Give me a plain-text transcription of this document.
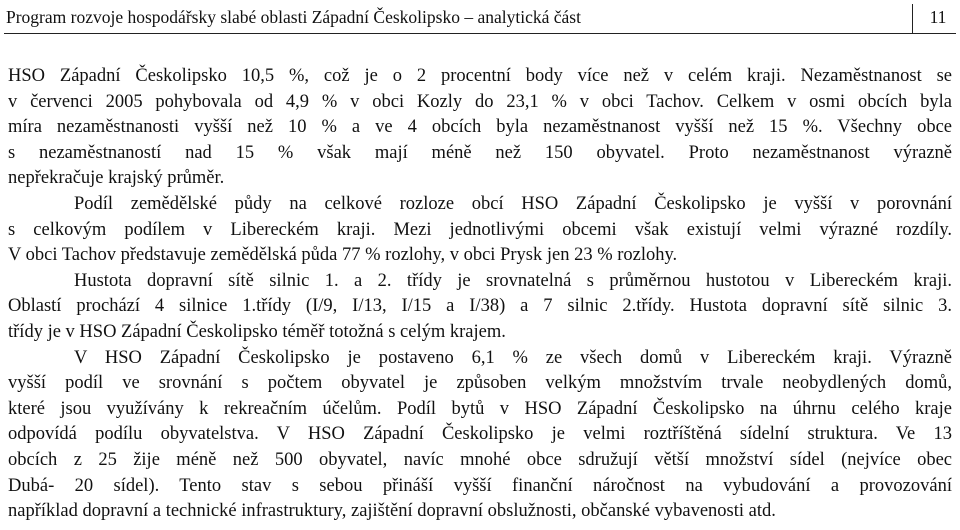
Program rozvoje hospodářsky slabé oblasti Západní Českolipsko – analytická část	11
HSO Západní Českolipsko 10,5 %, což je o 2 procentní body více než v celém kraji. Nezaměstnanost se
v červenci 2005 pohybovala od 4,9 % v obci Kozly do 23,1 % v obci Tachov. Celkem v osmi obcích byla
míra nezaměstnanosti vyšší než 10 % a ve 4 obcích byla nezaměstnanost vyšší než 15 %. Všechny obce
s nezaměstnaností nad 15 % však mají méně než 150 obyvatel. Proto nezaměstnanost výrazně
nepřekračuje krajský průměr.
Podíl zemědělské půdy na celkové rozloze obcí HSO Západní Českolipsko je vyšší v porovnání
s celkovým podílem v Libereckém kraji. Mezi jednotlivými obcemi však existují velmi výrazné rozdíly.
V obci Tachov představuje zemědělská půda 77 % rozlohy, v obci Prysk jen 23 % rozlohy.
Hustota dopravní sítě silnic 1. a 2. třídy je srovnatelná s průměrnou hustotou v Libereckém kraji.
Oblastí prochází 4 silnice 1.třídy (I/9, I/13, I/15 a I/38) a 7 silnic 2.třídy. Hustota dopravní sítě silnic 3.
třídy je v HSO Západní Českolipsko téměř totožná s celým krajem.
V HSO Západní Českolipsko je postaveno 6,1 % ze všech domů v Libereckém kraji. Výrazně
vyšší podíl ve srovnání s počtem obyvatel je způsoben velkým množstvím trvale neobydlených domů,
které jsou využívány k rekreačním účelům. Podíl bytů v HSO Západní Českolipsko na úhrnu celého kraje
odpovídá podílu obyvatelstva. V HSO Západní Českolipsko je velmi roztříštěná sídelní struktura. Ve 13
obcích z 25 žije méně než 500 obyvatel, navíc mnohé obce sdružují větší množství sídel (nejvíce obec
Dubá- 20 sídel). Tento stav s sebou přináší vyšší finanční náročnost na vybudování a provozování
například dopravní a technické infrastruktury, zajištění dopravní obslužnosti, občanské vybavenosti atd.
